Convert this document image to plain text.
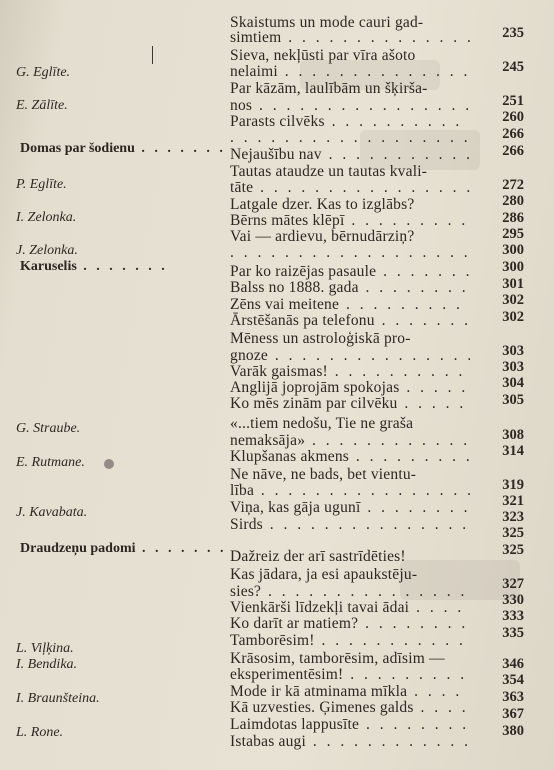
Skaistums un mode cauri gad-
simtiem . . .
Sieva, nekļūsti par vīra ašoto
nelaimi . . .
Par kāzām, laulībām un šķirša-
nos . . .
Parasts cilvēks . . .
. . .
Nejaušību nav . . .
Tautas ataudze un tautas kvali-
tāte . . .
Latgale dzer. Kas to izglābs?
Bērns mātes klēpī . . .
Vai — ardievu, bērnudārziņ?
. . .
Par ko raizējas pasaule . . .
Balss no 1888. gada . . .
Zēns vai meitene . . .
Ārstēšanās pa telefonu . . .
Mēness un astroloģiskā pro-
gnoze . . .
Varāk gaismas! . . .
Anglijā joprojām spokojas . . .
Ko mēs zinām par cilvēku . . .
«...tiem nedošu, Tie ne graša
nemaksāja» . . .
Klupšanas akmens . . .
Ne nāve, ne bads, bet vientu-
lība . . .
Viņa, kas gāja ugunī . . .
Sirds . . .
Dažreiz der arī sastrīdēties!
Kas jādara, ja esi apaukstēju-
sies? . . .
Vienkārši līdzekļi tavai ādai . . .
Ko darīt ar matiem? . . .
Tamborēsim! . . .
Krāsosim, tamborēsim, adīsim —
eksperimentēsim! . . .
Mode ir kā atminama mīkla . . .
Kā uzvesties. Ģimenes galds . . .
Laimdotas lappusīte . . .
Istabas augi . . .
235
245
251
260
266
266
272
280
286
295
300
300
301
302
302
303
303
304
305
308
314
319
321
323
325
325
327
330
333
335
346
354
363
367
380
G. Eglīte.
E. Zālīte.
Domas par šodienu . . .
P. Eglīte.
I. Zelonka.
J. Zelonka.
Karuselis . . .
G. Straube.
E. Rutmane.
J. Kavabata.
Draudzeņu padomi . . .
L. Viļķina.
I. Bendika.
I. Braunšteina.
L. Rone.
